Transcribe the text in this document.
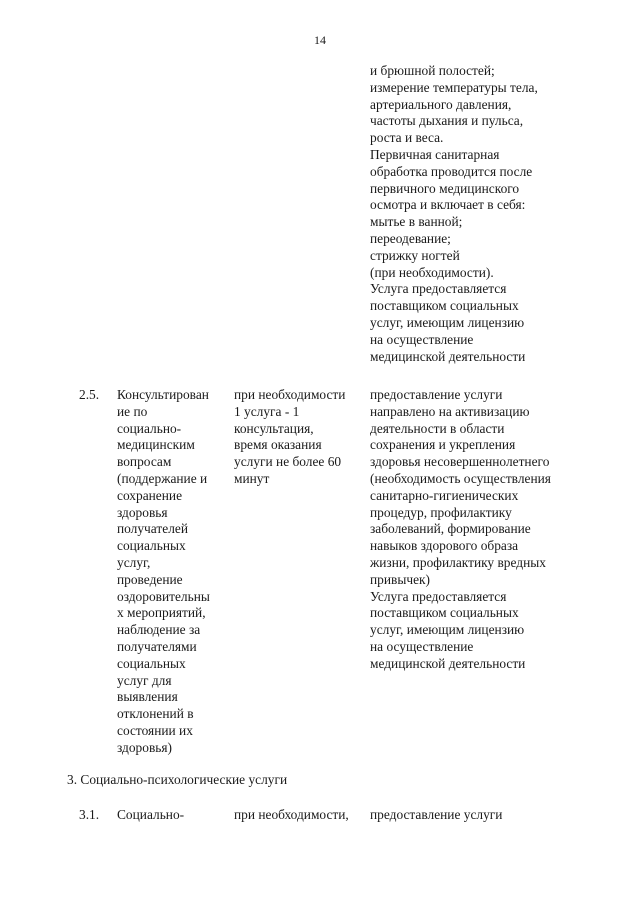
14
и брюшной полостей;
измерение температуры тела,
артериального давления,
частоты дыхания и пульса,
роста и веса.
Первичная санитарная
обработка проводится после
первичного медицинского
осмотра и включает в себя:
мытье в ванной;
переодевание;
стрижку ногтей
(при необходимости).
Услуга предоставляется
поставщиком социальных
услуг, имеющим лицензию
на осуществление
медицинской деятельности
2.5. Консультирован
ие по
социально-
медицинским
вопросам
(поддержание и
сохранение
здоровья
получателей
социальных
услуг,
проведение
оздоровительны
х мероприятий,
наблюдение за
получателями
социальных
услуг для
выявления
отклонений в
состоянии их
здоровья)
при необходимости
1 услуга - 1
консультация,
время оказания
услуги не более 60
минут
предоставление услуги
направлено на активизацию
деятельности в области
сохранения и укрепления
здоровья несовершеннолетнего
(необходимость осуществления
санитарно-гигиенических
процедур, профилактику
заболеваний, формирование
навыков здорового образа
жизни, профилактику вредных
привычек)
Услуга предоставляется
поставщиком социальных
услуг, имеющим лицензию
на осуществление
медицинской деятельности
3. Социально-психологические услуги
3.1. Социально-	при необходимости, предоставление услуги
